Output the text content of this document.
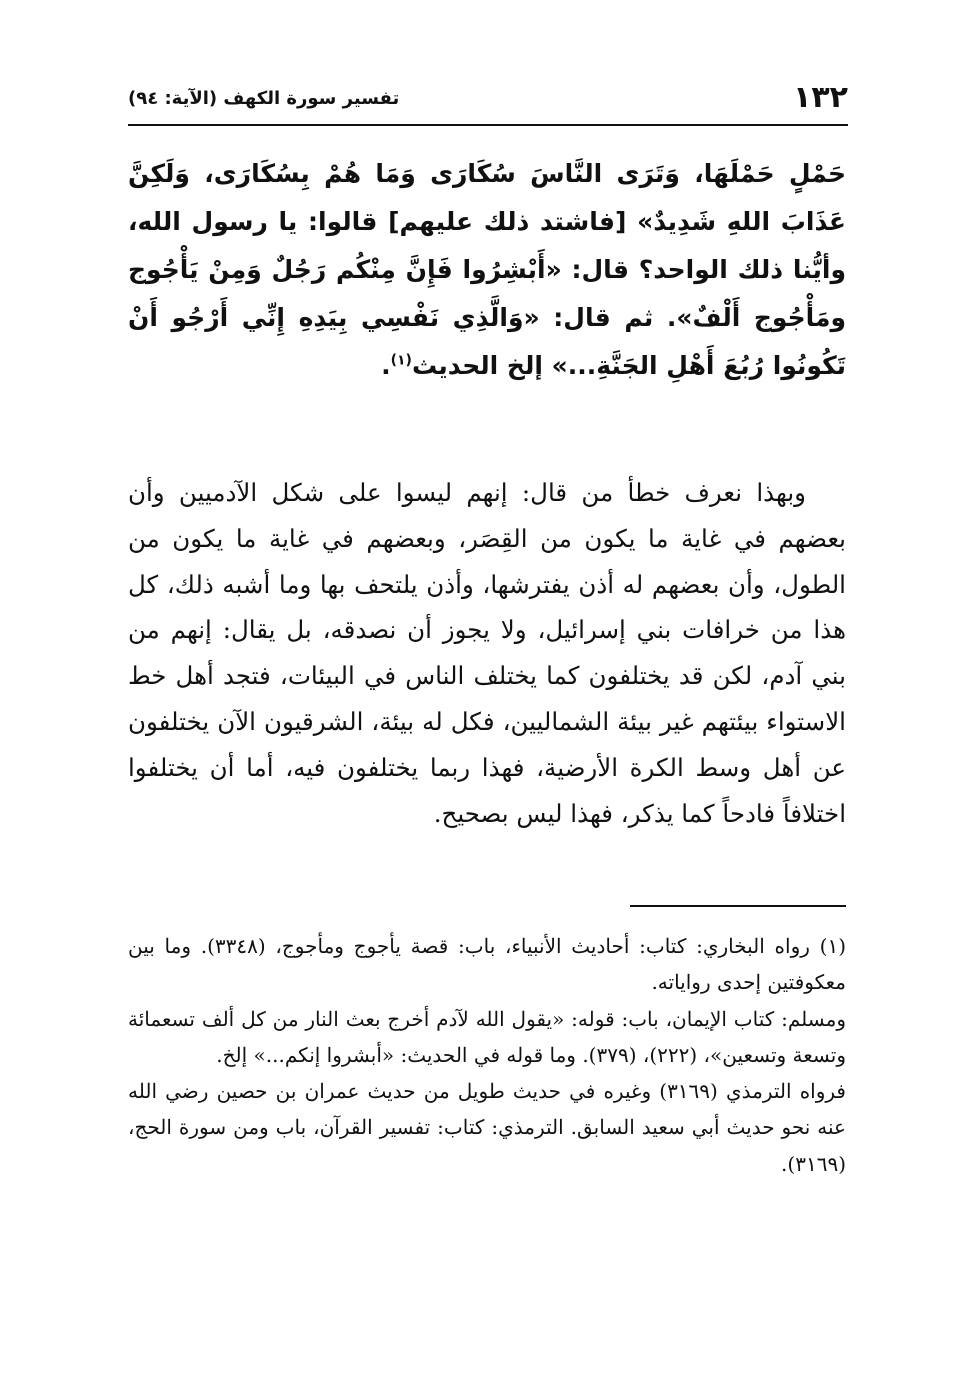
١٣٢
تفسير سورة الكهف (الآية: ٩٤)
حَمْلٍ حَمْلَهَا، وَتَرَى النَّاسَ سُكَارَى وَمَا هُمْ بِسُكَارَى، وَلَكِنَّ عَذَابَ اللهِ شَدِيدٌ» [فاشتد ذلك عليهم] قالوا: يا رسول الله، وأيُّنا ذلك الواحد؟ قال: «أَبْشِرُوا فَإِنَّ مِنْكُم رَجُلٌ وَمِنْ يَأْجُوج ومَأْجُوج أَلْفٌ». ثم قال: «وَالَّذِي نَفْسِي بِيَدِهِ إِنِّي أَرْجُو أَنْ تَكُونُوا رُبُعَ أَهْلِ الجَنَّةِ...» إلخ الحديث$^{(١)}$.

وبهذا نعرف خطأ من قال: إنهم ليسوا على شكل الآدميين وأن بعضهم في غاية ما يكون من القِصَر، وبعضهم في غاية ما يكون من الطول، وأن بعضهم له أذن يفترشها، وأذن يلتحف بها وما أشبه ذلك، كل هذا من خرافات بني إسرائيل، ولا يجوز أن نصدقه، بل يقال: إنهم من بني آدم، لكن قد يختلفون كما يختلف الناس في البيئات، فتجد أهل خط الاستواء بيئتهم غير بيئة الشماليين، فكل له بيئة، الشرقيون الآن يختلفون عن أهل وسط الكرة الأرضية، فهذا ربما يختلفون فيه، أما أن يختلفوا اختلافاً فادحاً كما يذكر، فهذا ليس بصحيح.

(١) رواه البخاري: كتاب: أحاديث الأنبياء، باب: قصة يأجوج ومأجوج، (٣٣٤٨). وما بين معكوفتين إحدى رواياته.

ومسلم: كتاب الإيمان، باب: قوله: «يقول الله لآدم أخرج بعث النار من كل ألف تسعمائة وتسعة وتسعين»، (٢٢٢)، (٣٧٩). وما قوله في الحديث: «أبشروا إنكم...» إلخ.

فرواه الترمذي (٣١٦٩) وغيره في حديث طويل من حديث عمران بن حصين رضي الله عنه نحو حديث أبي سعيد السابق. الترمذي: كتاب: تفسير القرآن، باب ومن سورة الحج، (٣١٦٩).
